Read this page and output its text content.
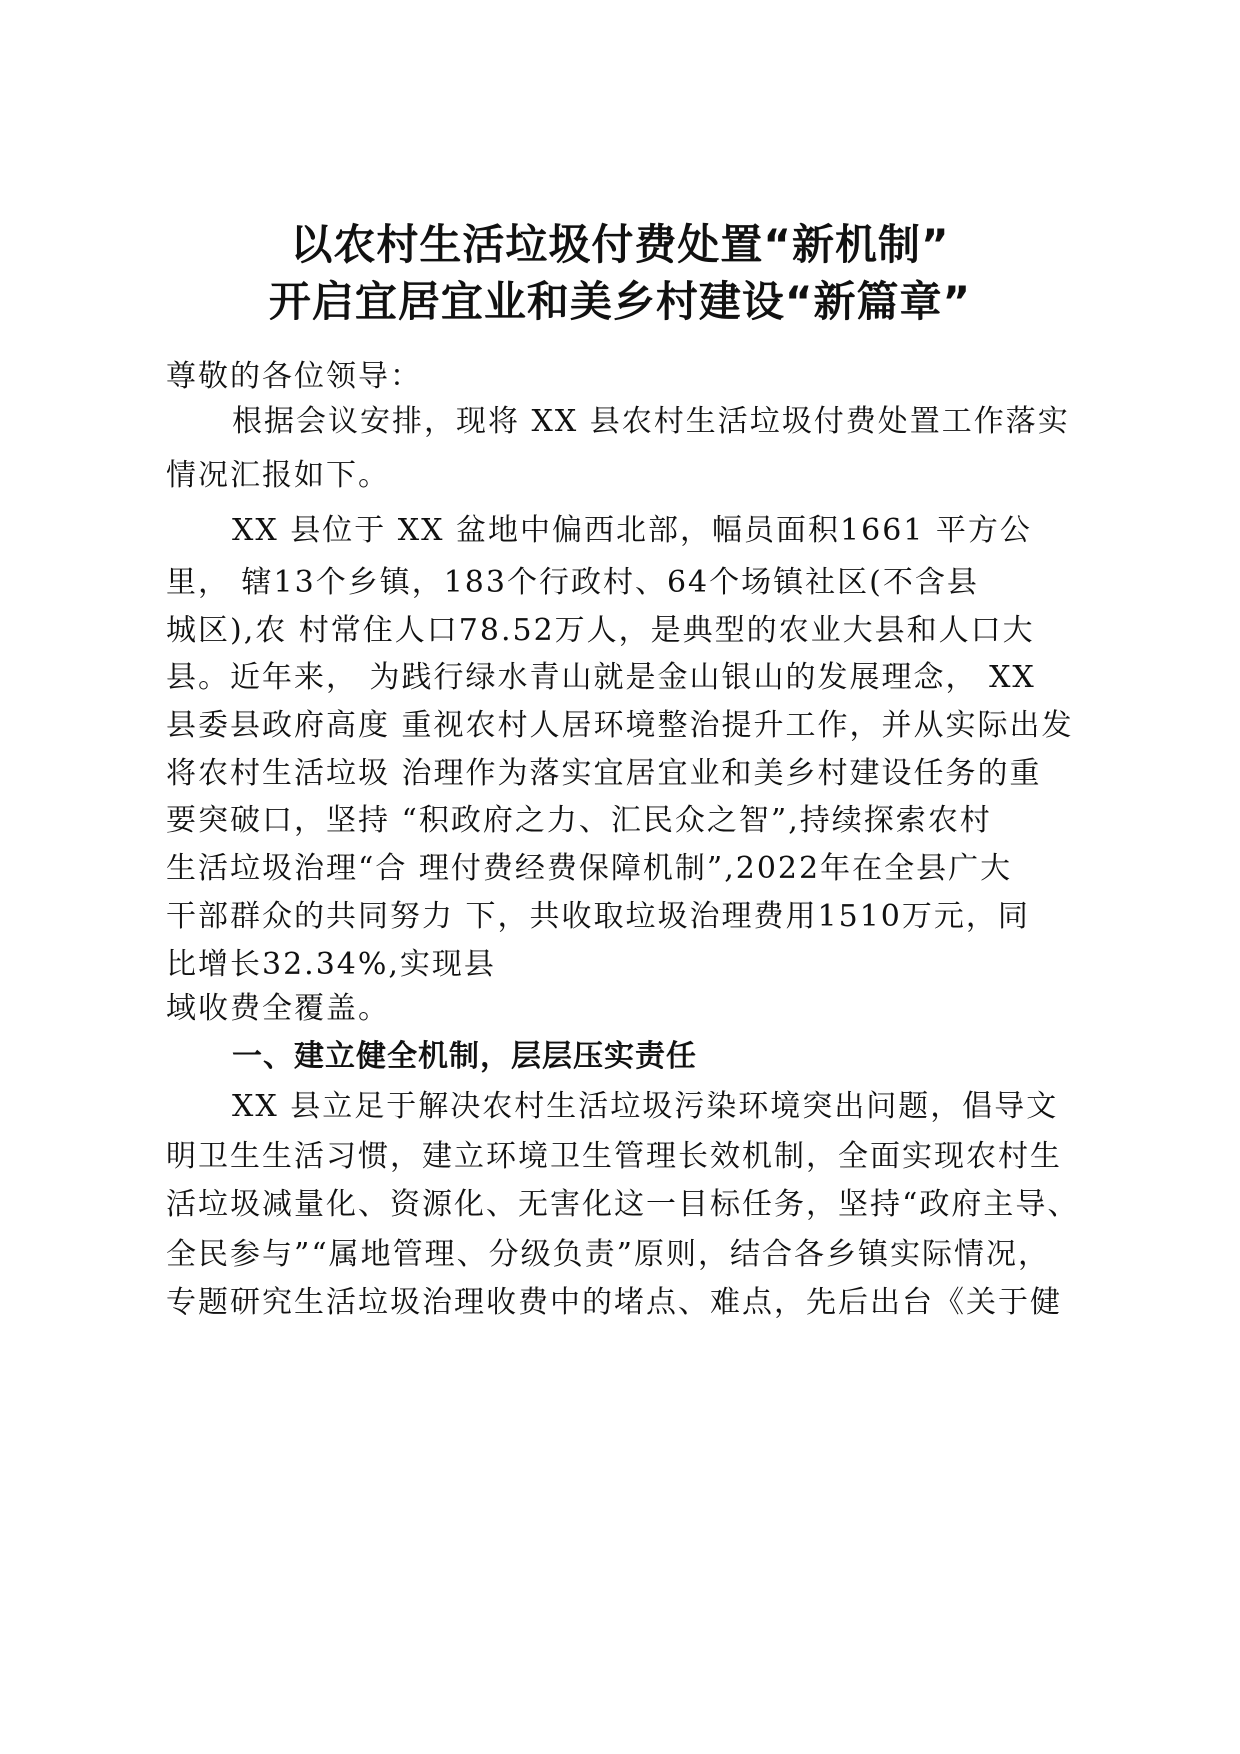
以农村生活垃圾付费处置“新机制”
开启宜居宜业和美乡村建设“新篇章”
尊敬的各位领导：
根据会议安排，现将 XX 县农村生活垃圾付费处置工作落实
情况汇报如下。
XX 县位于 XX 盆地中偏西北部，幅员面积1661 平方公
里， 辖13个乡镇，183个行政村、64个场镇社区(不含县
城区),农 村常住人口78.52万人，是典型的农业大县和人口大
县。近年来， 为践行绿水青山就是金山银山的发展理念， XX
县委县政府高度 重视农村人居环境整治提升工作，并从实际出发
将农村生活垃圾 治理作为落实宜居宜业和美乡村建设任务的重
要突破口，坚持 “积政府之力、汇民众之智”,持续探索农村
生活垃圾治理“合 理付费经费保障机制”,2022年在全县广大
干部群众的共同努力 下，共收取垃圾治理费用1510万元，同
比增长32.34%,实现县
域收费全覆盖。
一、建立健全机制，层层压实责任
XX 县立足于解决农村生活垃圾污染环境突出问题，倡导文
明卫生生活习惯，建立环境卫生管理长效机制，全面实现农村生
活垃圾减量化、资源化、无害化这一目标任务，坚持“政府主导、
全民参与”“属地管理、分级负责”原则，结合各乡镇实际情况，
专题研究生活垃圾治理收费中的堵点、难点，先后出台《关于健
